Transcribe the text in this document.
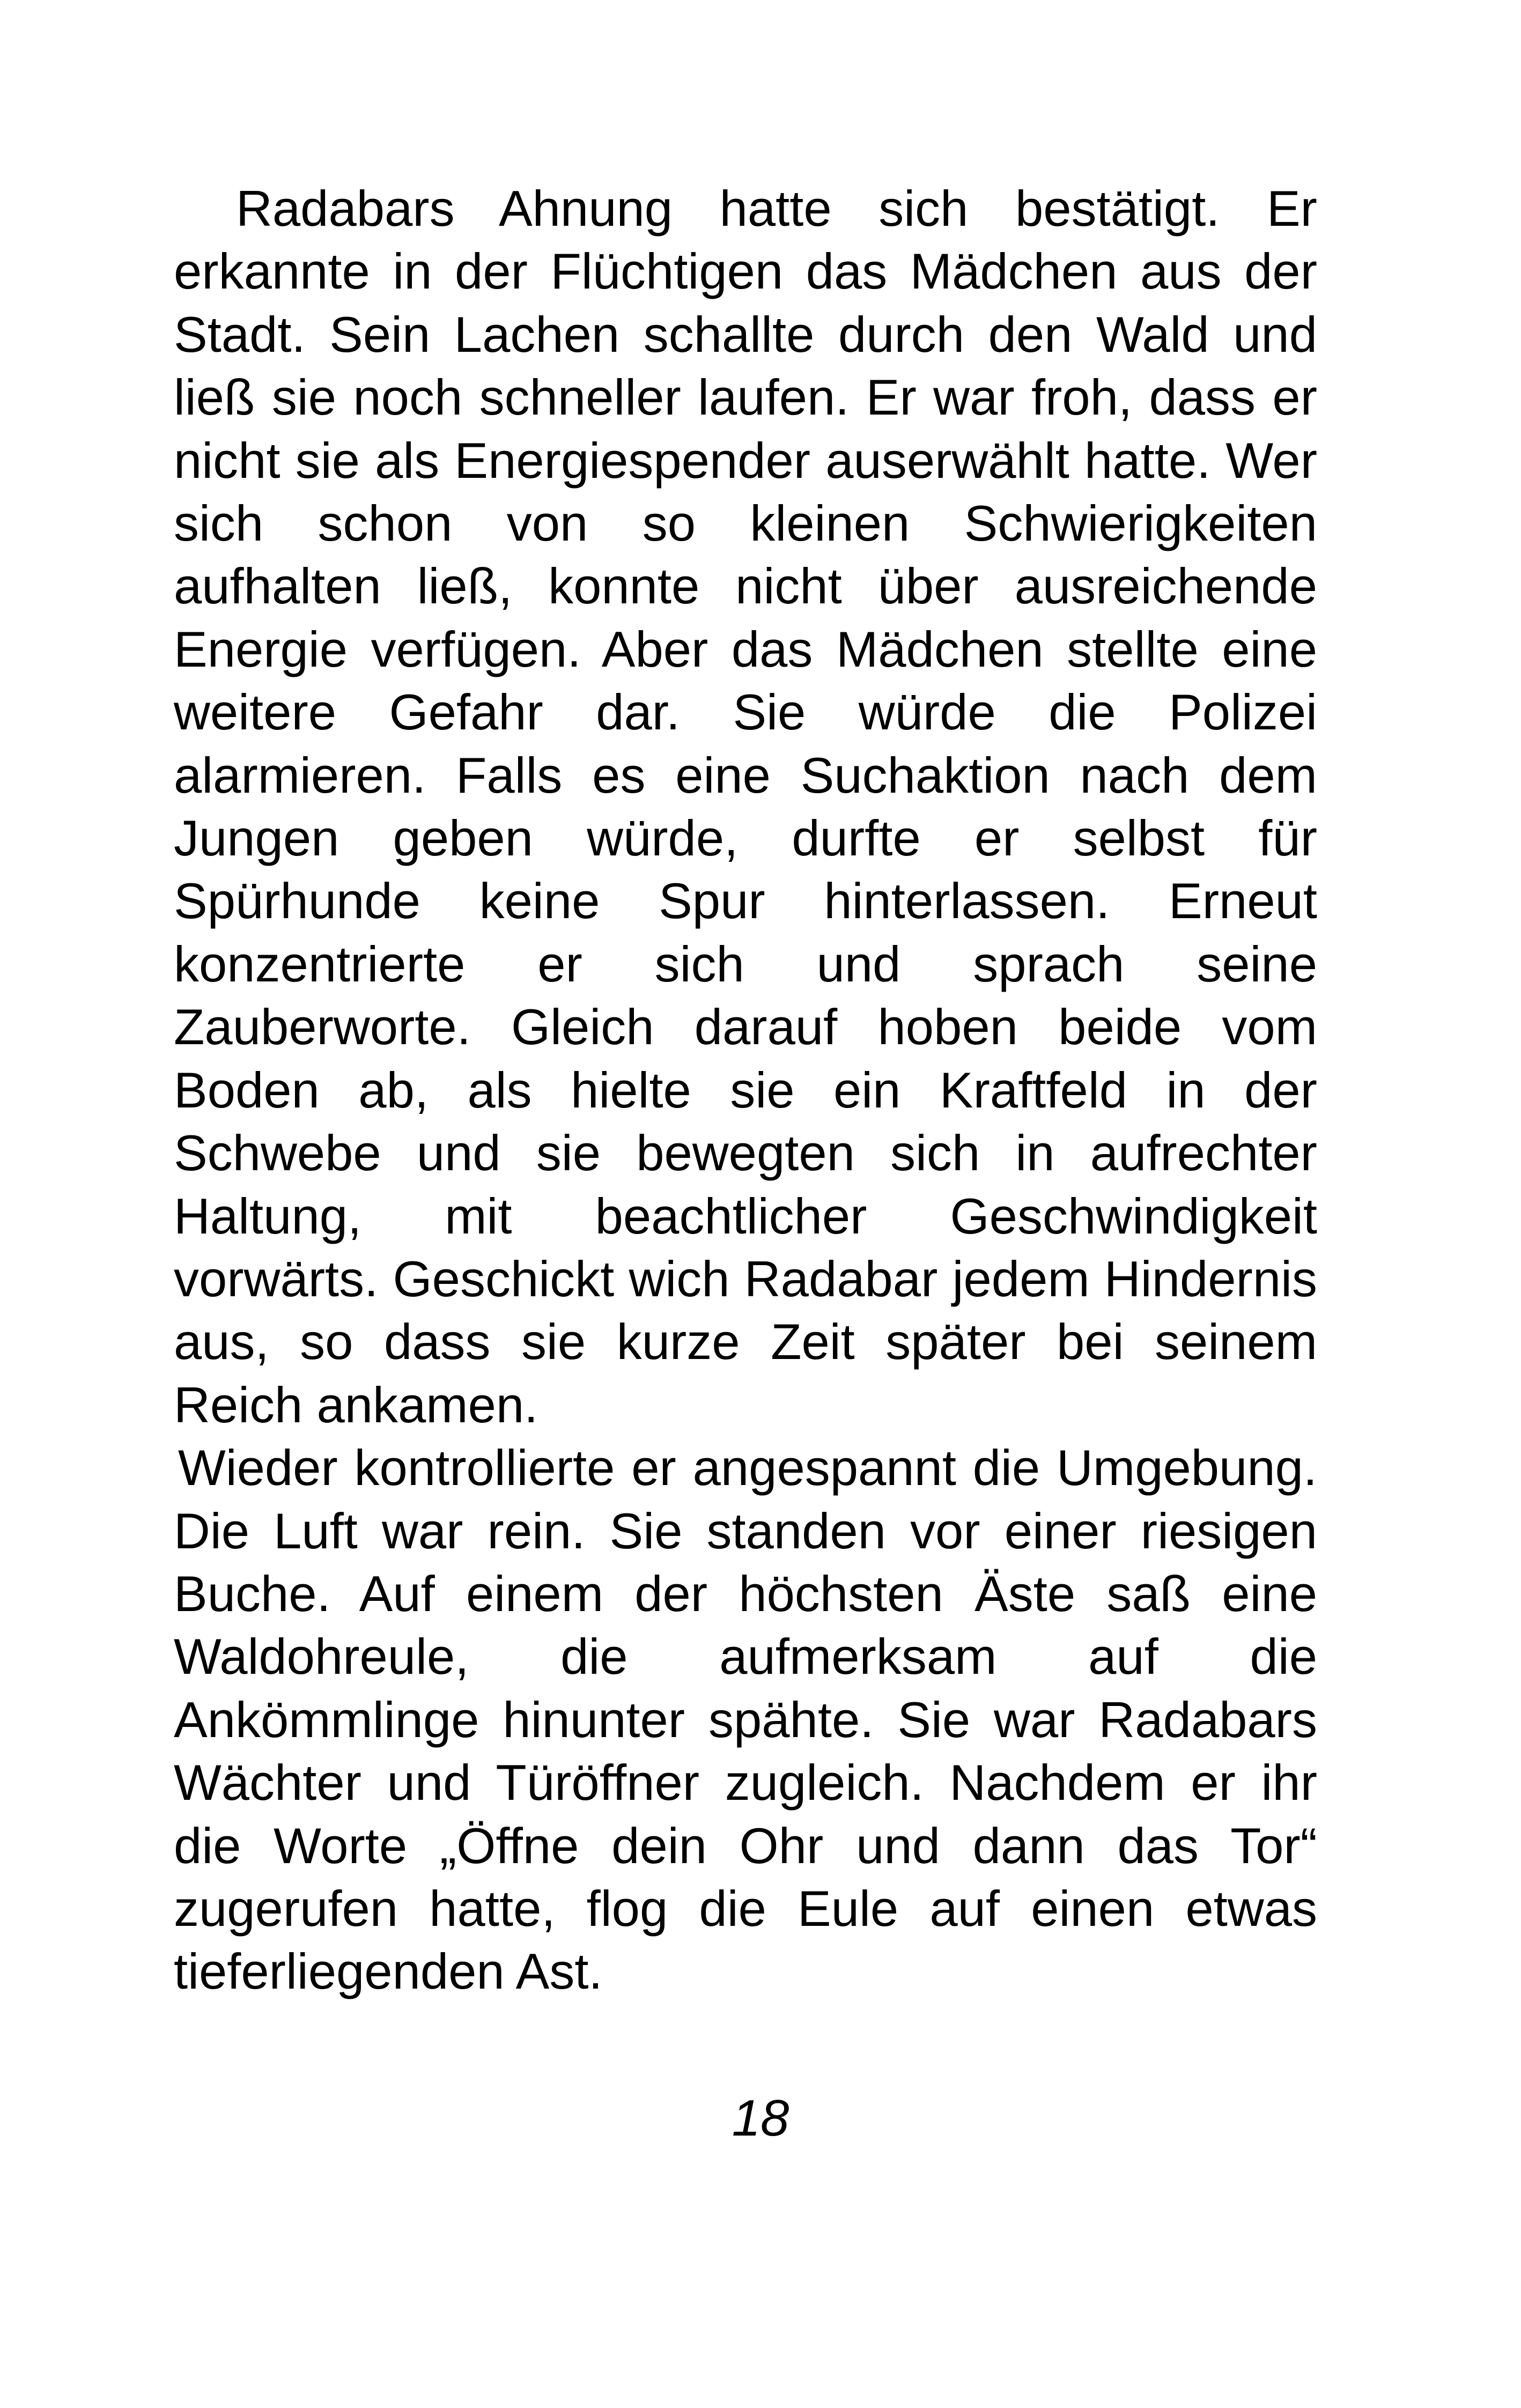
Radabars Ahnung hatte sich bestätigt. Er erkannte in der Flüchtigen das Mädchen aus der Stadt. Sein Lachen schallte durch den Wald und ließ sie noch schneller laufen. Er war froh, dass er nicht sie als Energiespender auserwählt hatte. Wer sich schon von so kleinen Schwierigkeiten aufhalten ließ, konnte nicht über ausreichende Energie verfügen. Aber das Mädchen stellte eine weitere Gefahr dar. Sie würde die Polizei alarmieren. Falls es eine Suchaktion nach dem Jungen geben würde, durfte er selbst für Spürhunde keine Spur hinterlassen. Erneut konzentrierte er sich und sprach seine Zauberworte. Gleich darauf hoben beide vom Boden ab, als hielte sie ein Kraftfeld in der Schwebe und sie bewegten sich in aufrechter Haltung, mit beachtlicher Geschwindigkeit vorwärts. Geschickt wich Radabar jedem Hindernis aus, so dass sie kurze Zeit später bei seinem Reich ankamen.

Wieder kontrollierte er angespannt die Umgebung. Die Luft war rein. Sie standen vor einer riesigen Buche. Auf einem der höchsten Äste saß eine Waldohreule, die aufmerksam auf die Ankömmlinge hinunter spähte. Sie war Radabars Wächter und Türöffner zugleich. Nachdem er ihr die Worte „Öffne dein Ohr und dann das Tor“ zugerufen hatte, flog die Eule auf einen etwas tieferliegenden Ast.

18
